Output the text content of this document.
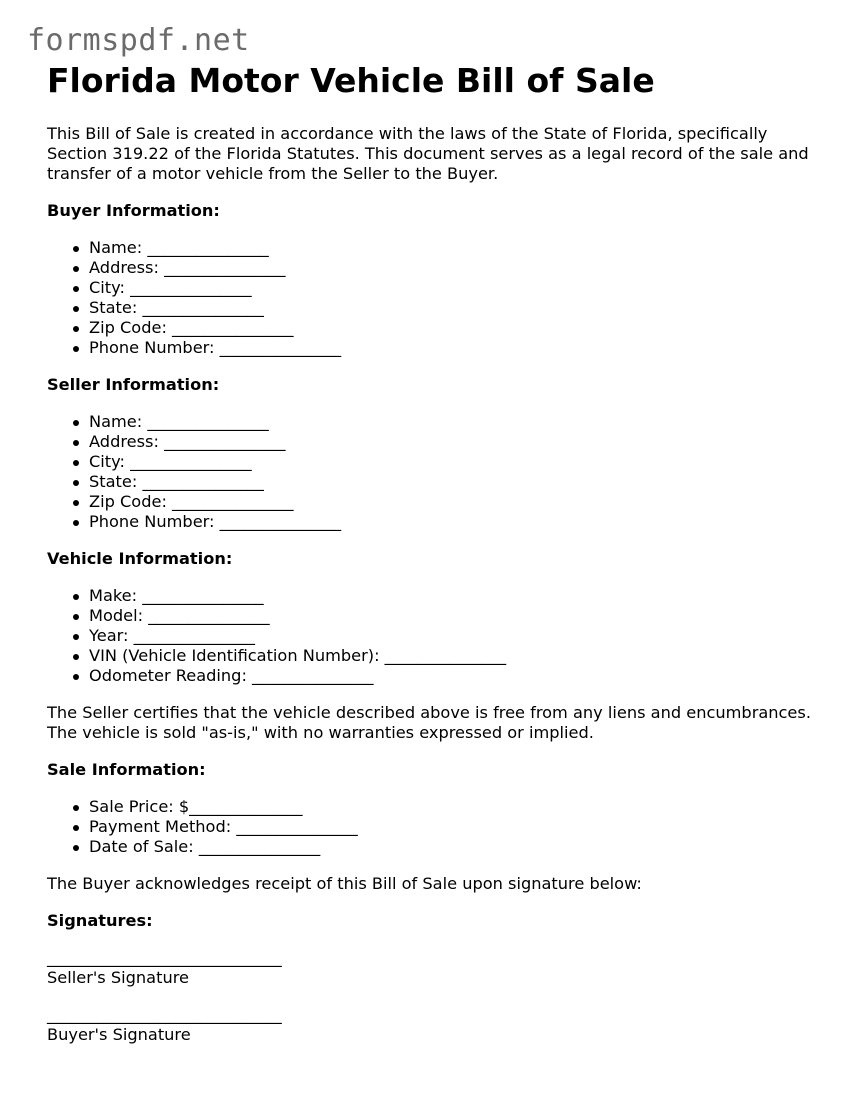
formspdf.net
Florida Motor Vehicle Bill of Sale

This Bill of Sale is created in accordance with the laws of the State of Florida, specifically Section 319.22 of the Florida Statutes. This document serves as a legal record of the sale and transfer of a motor vehicle from the Seller to the Buyer.

Buyer Information:
Name: _______________
Address: _______________
City: _______________
State: _______________
Zip Code: _______________
Phone Number: _______________
Seller Information:
Name: _______________
Address: _______________
City: _______________
State: _______________
Zip Code: _______________
Phone Number: _______________
Vehicle Information:
Make: _______________
Model: _______________
Year: _______________
VIN (Vehicle Identification Number): _______________
Odometer Reading: _______________

The Seller certifies that the vehicle described above is free from any liens and encumbrances. The vehicle is sold "as-is," with no warranties expressed or implied.

Sale Information:
Sale Price: $______________
Payment Method: _______________
Date of Sale: _______________

The Buyer acknowledges receipt of this Bill of Sale upon signature below:

Signatures:
_____________________________
Seller's Signature
_____________________________
Buyer's Signature
